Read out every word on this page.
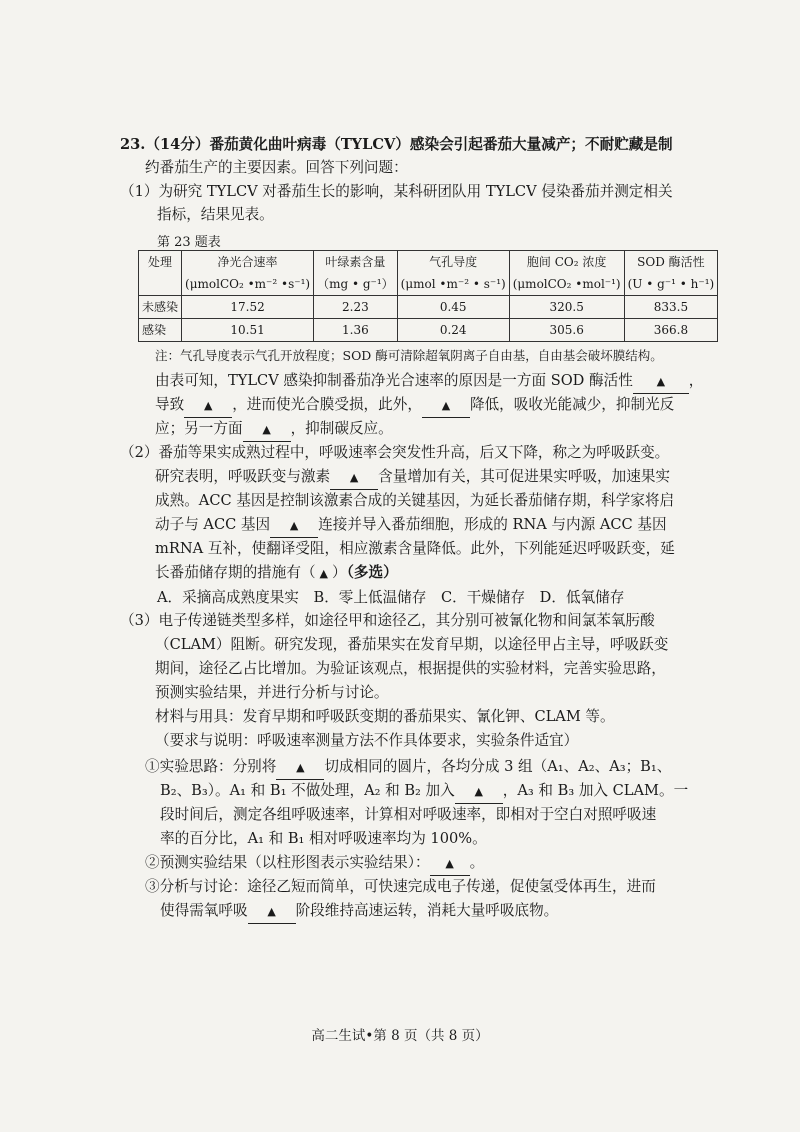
23.（14分）番茄黄化曲叶病毒（TYLCV）感染会引起番茄大量减产；不耐贮藏是制
约番茄生产的主要因素。回答下列问题：
（1）为研究 TYLCV 对番茄生长的影响，某科研团队用 TYLCV 侵染番茄并测定相关
指标，结果见表。
第 23 题表
处理	净光合速率	叶绿素含量	气孔导度	胞间 CO₂ 浓度	SOD 酶活性
	(μmolCO₂ •m⁻² •s⁻¹)	（mg • g⁻¹）	(μmol •m⁻² • s⁻¹)	(μmolCO₂ •mol⁻¹)	(U • g⁻¹ • h⁻¹)
未感染	17.52	2.23	0.45	320.5	833.5
感染	10.51	1.36	0.24	305.6	366.8
注：气孔导度表示气孔开放程度；SOD 酶可清除超氧阴离子自由基，自由基会破坏膜结构。
由表可知，TYLCV 感染抑制番茄净光合速率的原因是一方面 SOD 酶活性 ▲ ，
导致 ▲ ，进而使光合膜受损，此外， ▲ 降低，吸收光能减少，抑制光反
应；另一方面 ▲ ，抑制碳反应。
（2）番茄等果实成熟过程中，呼吸速率会突发性升高，后又下降，称之为呼吸跃变。
研究表明，呼吸跃变与激素 ▲ 含量增加有关，其可促进果实呼吸，加速果实
成熟。ACC 基因是控制该激素合成的关键基因，为延长番茄储存期，科学家将启
动子与 ACC 基因 ▲ 连接并导入番茄细胞，形成的 RNA 与内源 ACC 基因
mRNA 互补，使翻译受阻，相应激素含量降低。此外，下列能延迟呼吸跃变，延
长番茄储存期的措施有（ ▲ ）（多选）
A．采摘高成熟度果实　B．零上低温储存　C．干燥储存　D．低氧储存
（3）电子传递链类型多样，如途径甲和途径乙，其分别可被氰化物和间氯苯氧肟酸
（CLAM）阻断。研究发现，番茄果实在发育早期，以途径甲占主导，呼吸跃变
期间，途径乙占比增加。为验证该观点，根据提供的实验材料，完善实验思路，
预测实验结果，并进行分析与讨论。
材料与用具：发育早期和呼吸跃变期的番茄果实、氰化钾、CLAM 等。
（要求与说明：呼吸速率测量方法不作具体要求，实验条件适宜）
①实验思路：分别将 ▲ 切成相同的圆片，各均分成 3 组（A₁、A₂、A₃；B₁、
B₂、B₃）。A₁ 和 B₁ 不做处理，A₂ 和 B₂ 加入 ▲ ，A₃ 和 B₃ 加入 CLAM。一
段时间后，测定各组呼吸速率，计算相对呼吸速率，即相对于空白对照呼吸速
率的百分比，A₁ 和 B₁ 相对呼吸速率均为 100%。
②预测实验结果（以柱形图表示实验结果）： ▲ 。
③分析与讨论：途径乙短而简单，可快速完成电子传递，促使氢受体再生，进而
使得需氧呼吸 ▲ 阶段维持高速运转，消耗大量呼吸底物。
高二生试•第 8 页（共 8 页）
